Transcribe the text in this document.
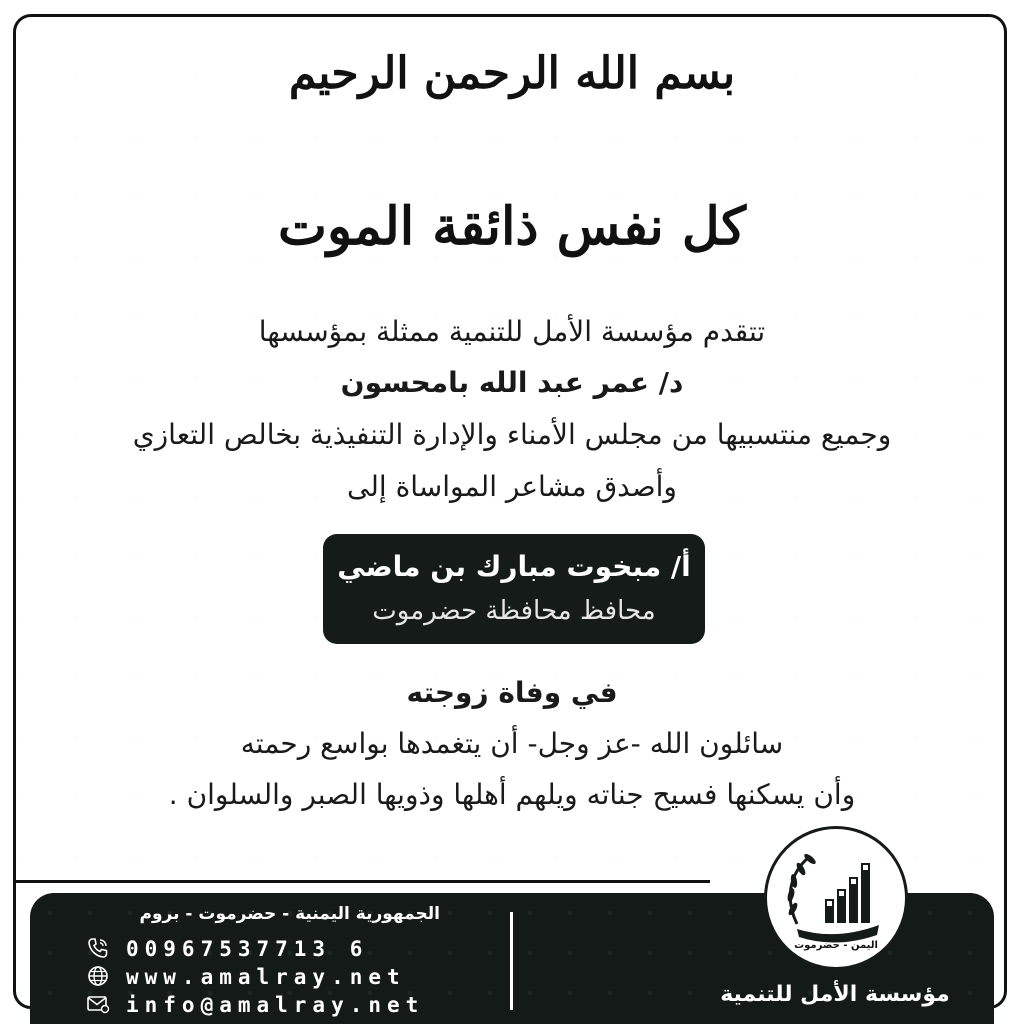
بسم الله الرحمن الرحيم
كل نفس ذائقة الموت
تتقدم مؤسسة الأمل للتنمية ممثلة بمؤسسها
د/ عمر عبد الله بامحسون
وجميع منتسبيها من مجلس الأمناء والإدارة التنفيذية بخالص التعازي
وأصدق مشاعر المواساة إلى
أ/ مبخوت مبارك بن ماضي
محافظ محافظة حضرموت
في وفاة زوجته
سائلون الله -عز وجل- أن يتغمدها بواسع رحمته
وأن يسكنها فسيح جناته ويلهم أهلها وذويها الصبر والسلوان .
الجمهورية اليمنية - حضرموت - بروم
00967537713 6
www.amalray.net
info@amalray.net
اليمن - حضرموت
مؤسسة الأمل للتنمية
